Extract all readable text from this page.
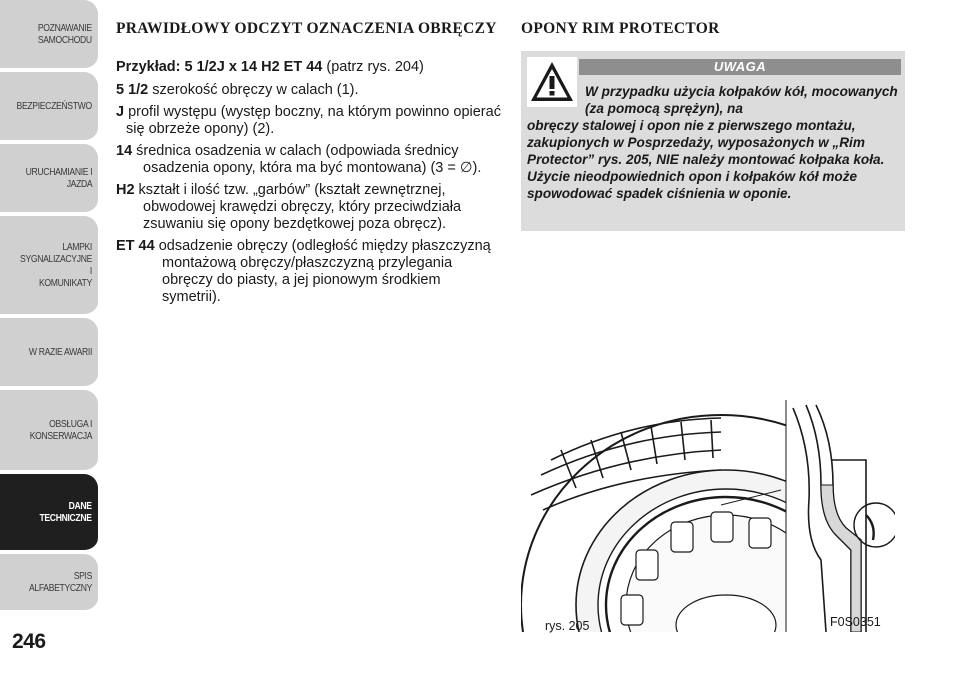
POZNAWANIE
SAMOCHODU
BEZPIECZEŃSTWO
URUCHAMIANIE I
JAZDA
LAMPKI
SYGNALIZACYJNE I
KOMUNIKATY
W RAZIE AWARII
OBSŁUGA I
KONSERWACJA
DANE
TECHNICZNE
SPIS ALFABETYCZNY
246
PRAWIDŁOWY ODCZYT OZNACZENIA OBRĘCZY

Przykład: 5 1/2J x 14 H2 ET 44 (patrz rys. 204)

5 1/2 szerokość obręczy w calach (1).

J profil występu (występ boczny, na którym powinno opierać się obrzeże opony) (2).

14 średnica osadzenia w calach (odpowiada średnicy osadzenia opony, która ma być montowana) (3 = ∅).

H2 kształt i ilość tzw. „garbów” (kształt zewnętrznej, obwodowej krawędzi obręczy, który przeciwdziała zsuwaniu się opony bezdętkowej poza obręcz).

ET 44 odsadzenie obręczy (odległość między płaszczyzną montażową obręczy/płaszczyzną przylegania obręczy do piasty, a jej pionowym środkiem symetrii).

OPONY RIM PROTECTOR
UWAGA
W przypadku użycia kołpaków kół, mocowanych (za pomocą sprężyn), na
obręczy stalowej i opon nie z pierwszego montażu, zakupionych w Posprzedaży, wyposażonych w „Rim Protector” rys. 205, NIE należy montować kołpaka koła. Użycie nieodpowiednich opon i kołpaków kół może spowodować spadek ciśnienia w oponie.
rys. 205	F0S0351
